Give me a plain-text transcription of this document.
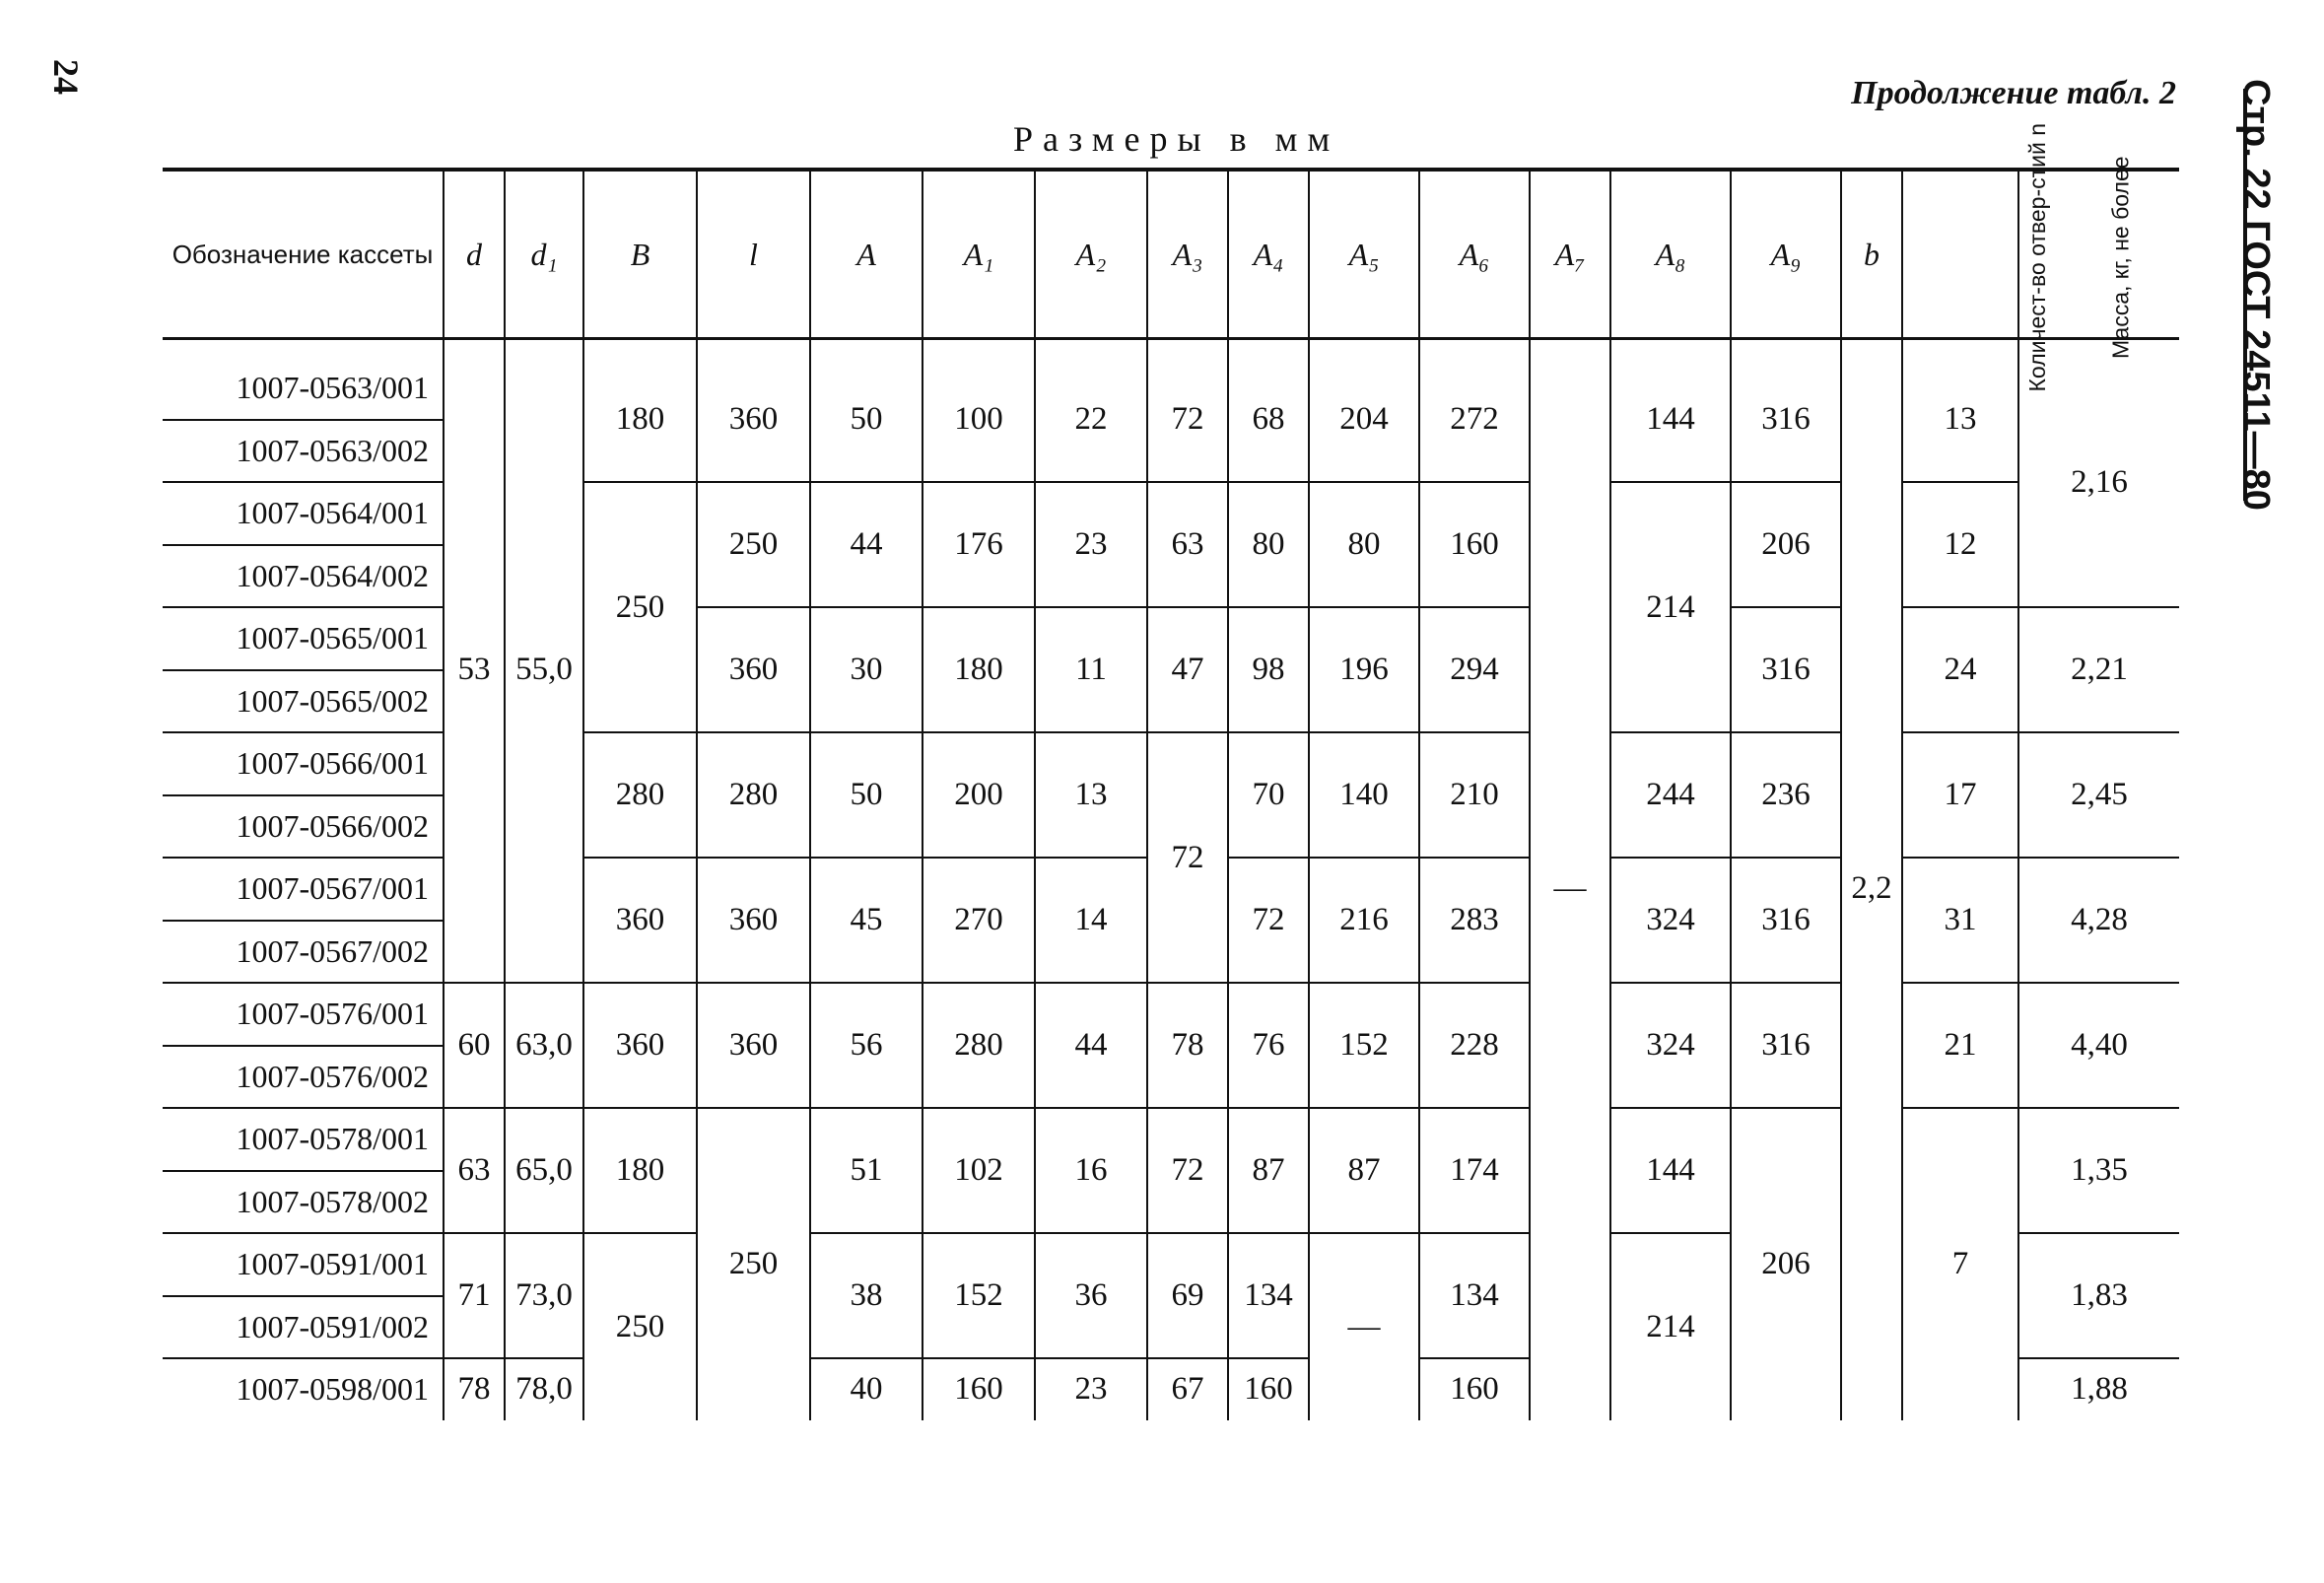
24	Продолжение табл. 2
Размеры в мм	Стр. 22 ГОСТ 24511—80
Обозначение кассеты	d	d₁	B	l	A	A₁	A₂	A₃	A₄	A₅	A₆	A₇	A₈	A₉	b	Количест-во отвер-стий n	Масса, кг, не более

1007-0563/001	53	55,0	180	360	50	100	22	72	68	204	272	—	144	316	2,2	13	2,16
1007-0563/002																	
1007-0564/001			250	250	44	176	23	63	80	80	160		214	206		12	
1007-0564/002																	
1007-0565/001				360	30	180	11	47	98	196	294			316		24	2,21
1007-0565/002																	
1007-0566/001			280	280	50	200	13	72	70	140	210		244	236		17	2,45
1007-0566/002																	
1007-0567/001			360	360	45	270	14		72	216	283		324	316		31	4,28
1007-0567/002																	
1007-0576/001	60	63,0	360	360	56	280	44	78	76	152	228		324	316		21	4,40
1007-0576/002																	
1007-0578/001	63	65,0	180	250	51	102	16	72	87	87	174		144	206		7	1,35
1007-0578/002																	
1007-0591/001	71	73,0	250		38	152	36	69	134	—	134		214				1,83
1007-0591/002																	
1007-0598/001	78	78,0			40	160	23	67	160		160						1,88
